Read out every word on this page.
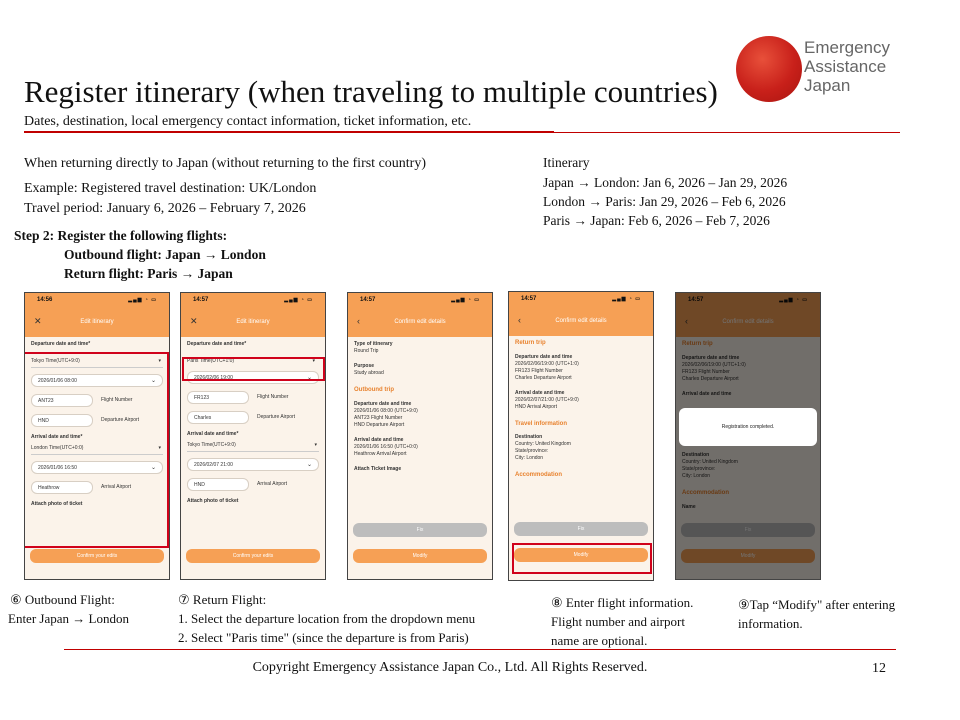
Emergency
Assistance
Japan
Register itinerary (when traveling to multiple countries)
Dates, destination, local emergency contact information, ticket information, etc.
When returning directly to Japan (without returning to the first country)
Example: Registered travel destination: UK/London
Travel period: January 6, 2026 – February 7, 2026
Itinerary
Japan → London: Jan 6, 2026 – Jan 29, 2026
London → Paris: Jan 29, 2026 – Feb 6, 2026
Paris → Japan: Feb 6, 2026 – Feb 7, 2026
Step 2: Register the following flights:
Outbound flight: Japan → London
Return flight: Paris → Japan
14:56	▂▄▆ ◔ ▭
✕	Edit itinerary
Departure date and time*
Tokyo Time(UTC+9:0)	▾
2026/01/06 08:00	⌄
ANT23	Flight Number
HND	Departure Airport
Arrival date and time*
London Time(UTC+0:0)	▾
2026/01/06 16:50	⌄
Heathrow	Arrival Airport
Attach photo of ticket
Confirm your edits
14:57	▂▄▆ ◔ ▭
✕	Edit itinerary
Departure date and time*
Paris Time(UTC+1:0)	▾
2026/02/06 19:00	⌄
FR123	Flight Number
Charles	Departure Airport
Arrival date and time*
Tokyo Time(UTC+9:0)	▾
2026/02/07 21:00	⌄
HND	Arrival Airport
Attach photo of ticket
Confirm your edits
14:57	▂▄▆ ◔ ▭
‹	Confirm edit details
Type of itinerary
Round Trip
Purpose
Study abroad
Outbound trip
Departure date and time
2026/01/06 08:00 (UTC+9:0)
ANT23 Flight Number
HND Departure Airport
Arrival date and time
2026/01/06 16:50 (UTC+0:0)
Heathrow Arrival Airport
Attach Ticket Image
Fix
Modify
14:57	▂▄▆ ◔ ▭
‹	Confirm edit details
Return trip
Departure date and time
2026/02/06/19:00 (UTC+1:0)
FR123 Flight Number
Charles Departure Airport
Arrival date and time
2026/02/07/21:00 (UTC+9:0)
HND Arrival Airport
Travel information
Destination
Country: United Kingdom
State/province:
City: London
Accommodation
Fix
Modify
Registration completed.
⑥ Outbound Flight:
Enter Japan → London
⑦ Return Flight:
1. Select the departure location from the dropdown menu
2. Select "Paris time" (since the departure is from Paris)
⑧ Enter flight information.
Flight number and airport
name are optional.
⑨Tap “Modify" after entering
information.
Copyright Emergency Assistance Japan Co., Ltd. All Rights Reserved.	12
